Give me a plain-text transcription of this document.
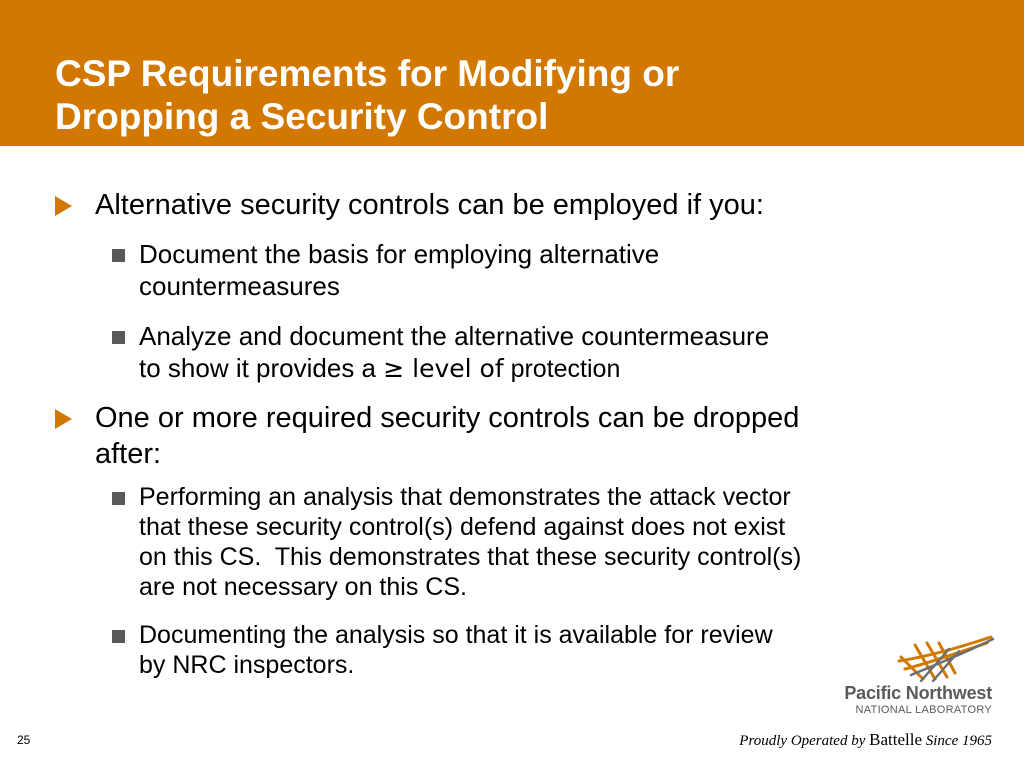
CSP Requirements for Modifying or
Dropping a Security Control
Alternative security controls can be employed if you:
Document the basis for employing alternative
countermeasures
Analyze and document the alternative countermeasure
to show it provides a ≥ level of protection
One or more required security controls can be dropped
after:
Performing an analysis that demonstrates the attack vector
that these security control(s) defend against does not exist
on this CS.  This demonstrates that these security control(s)
are not necessary on this CS.
Documenting the analysis so that it is available for review
by NRC inspectors.
25
Pacific Northwest
NATIONAL LABORATORY
Proudly Operated by Battelle Since 1965
